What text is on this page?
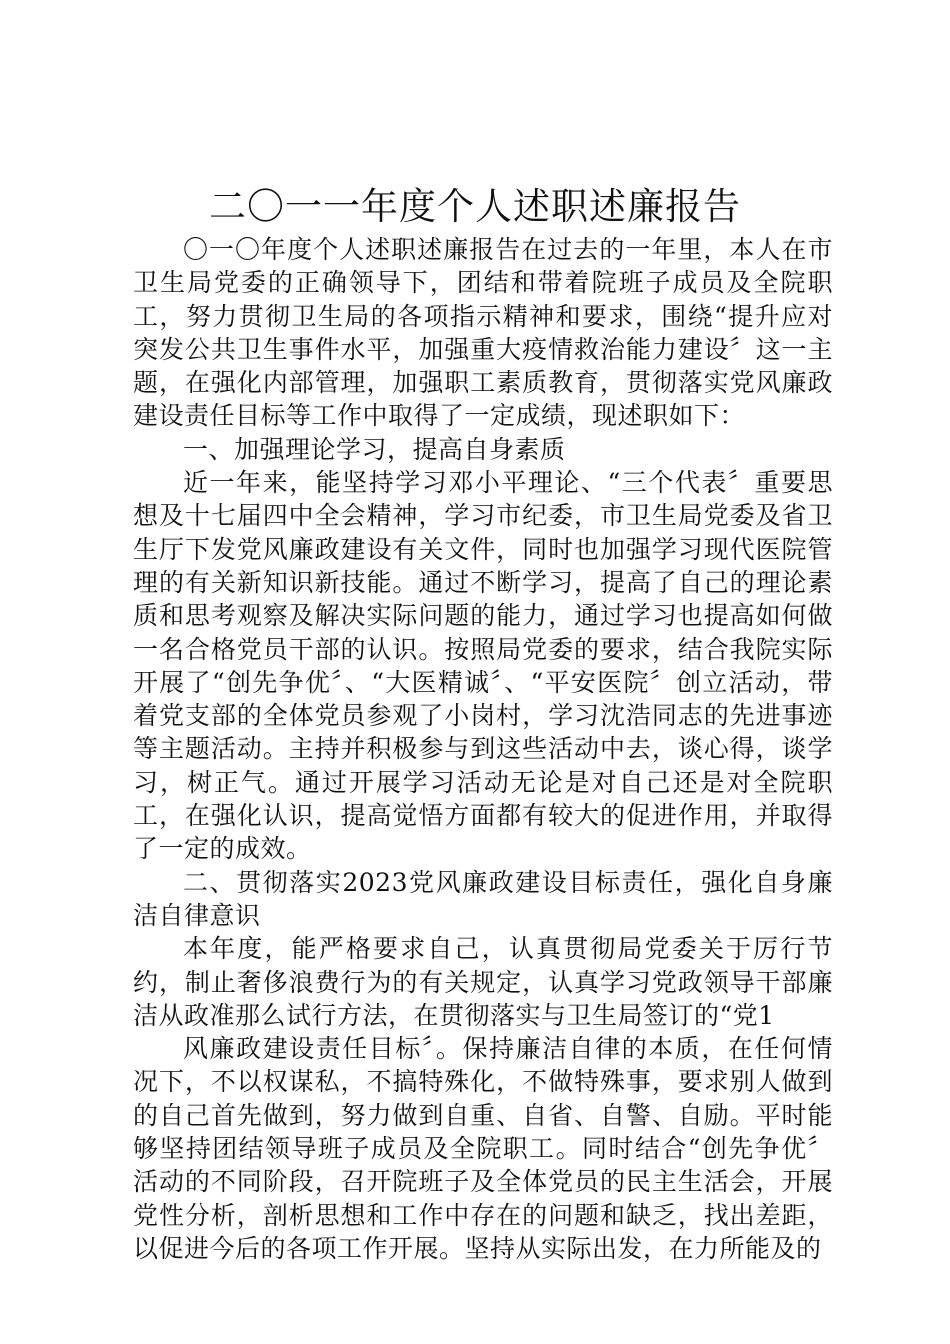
二〇一一年度个人述职述廉报告

〇一〇年度个人述职述廉报告在过去的一年里，本人在市卫生局党委的正确领导下，团结和带着院班子成员及全院职工，努力贯彻卫生局的各项指示精神和要求，围绕“提升应对突发公共卫生事件水平，加强重大疫情救治能力建设〞这一主题，在强化内部管理，加强职工素质教育，贯彻落实党风廉政建设责任目标等工作中取得了一定成绩，现述职如下：

一、加强理论学习，提高自身素质

近一年来，能坚持学习邓小平理论、“三个代表〞重要思想及十七届四中全会精神，学习市纪委，市卫生局党委及省卫生厅下发党风廉政建设有关文件，同时也加强学习现代医院管理的有关新知识新技能。通过不断学习，提高了自己的理论素质和思考观察及解决实际问题的能力，通过学习也提高如何做一名合格党员干部的认识。按照局党委的要求，结合我院实际开展了“创先争优〞、“大医精诚〞、“平安医院〞创立活动，带着党支部的全体党员参观了小岗村，学习沈浩同志的先进事迹等主题活动。主持并积极参与到这些活动中去，谈心得，谈学习，树正气。通过开展学习活动无论是对自己还是对全院职工，在强化认识，提高觉悟方面都有较大的促进作用，并取得了一定的成效。

二、贯彻落实2023党风廉政建设目标责任，强化自身廉洁自律意识

本年度，能严格要求自己，认真贯彻局党委关于厉行节约，制止奢侈浪费行为的有关规定，认真学习党政领导干部廉洁从政准那么试行方法，在贯彻落实与卫生局签订的“党1

风廉政建设责任目标〞。保持廉洁自律的本质，在任何情况下，不以权谋私，不搞特殊化，不做特殊事，要求别人做到的自己首先做到，努力做到自重、自省、自警、自励。平时能够坚持团结领导班子成员及全院职工。同时结合“创先争优〞活动的不同阶段，召开院班子及全体党员的民主生活会，开展党性分析，剖析思想和工作中存在的问题和缺乏，找出差距，以促进今后的各项工作开展。坚持从实际出发，在力所能及的
